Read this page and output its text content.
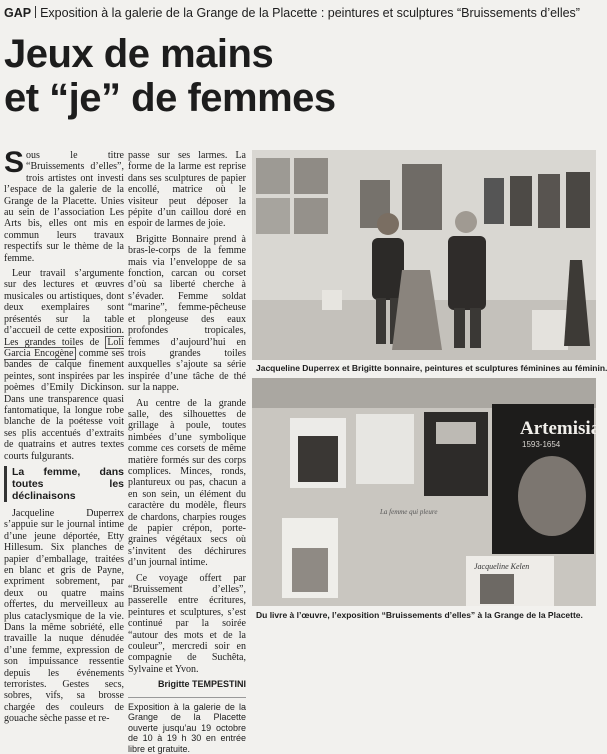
GAP Exposition à la galerie de la Grange de la Placette : peintures et sculptures “Bruissements d’elles”
Jeux de mains
et “je” de femmes

Sous le titre “Bruissements d’elles”, trois artistes ont investi l’espace de la galerie de la Grange de la Placette. Unies au sein de l’association Les Arts bis, elles ont mis en commun leurs travaux respectifs sur le thème de la femme.

Leur travail s’argumente sur des lectures et œuvres musicales ou artistiques, dont deux exemplaires sont présentés sur la table d’accueil de cette exposition. Les grandes toiles de Loli Garcia Encogène comme ses bandes de calque finement peintes, sont inspirées par les poèmes d’Emily Dickinson. Dans une transparence quasi fantomatique, la longue robe blanche de la poétesse voit ses plis accentués d’extraits de quatrains et autres textes courts fulgurants.

La femme, dans toutes les déclinaisons

Jacqueline Duperrex s’appuie sur le journal intime d’une jeune déportée, Etty Hillesum. Six planches de papier d’emballage, traitées en blanc et gris de Payne, expriment sobrement, par deux ou quatre mains offertes, du merveilleux au plus cataclysmique de la vie. Dans la même sobriété, elle travaille la nuque dénudée d’une femme, expression de son impuissance ressentie depuis les événements terroristes. Gestes secs, sobres, vifs, sa brosse chargée des couleurs de gouache sèche passe et re-

passe sur ses larmes. La forme de la larme est reprise dans ses sculptures de papier encollé, matrice où le visiteur peut déposer la pépite d’un caillou doré en espoir de larmes de joie.

Brigitte Bonnaire prend à bras-le-corps de la femme mais via l’enveloppe de sa fonction, carcan ou corset d’où sa liberté cherche à s’évader. Femme soldat “marine”, femme-pêcheuse et plongeuse des eaux profondes tropicales, femmes d’aujourd’hui en trois grandes toiles auxquelles s’ajoute sa série inspirée d’une tâche de thé sur la nappe.

Au centre de la grande salle, des silhouettes de grillage à poule, toutes nimbées d’une symbolique comme ces corsets de même matière formés sur des corps complices. Minces, ronds, plantureux ou pas, chacun a en son sein, un élément du caractère du modèle, fleurs de chardons, charpies rouges de papier crépon, porte-graines végétaux secs où s’invitent des déchirures d’un journal intime.

Ce voyage offert par “Bruissement d’elles”, passerelle entre écritures, peintures et sculptures, s’est continué par la soirée “autour des mots et de la couleur”, mercredi soir en compagnie de Suchêta, Sylvaine et Yvon.

Brigitte TEMPESTINI
Exposition à la galerie de la Grange de la Placette ouverte jusqu’au 19 octobre de 10 à 19 h 30 en entrée libre et gratuite.
Jacqueline Duperrex et Brigitte bonnaire, peintures et sculptures féminines au féminin.
Artemisia
1593-1654
Jacqueline Kelen
La femme qui pleure
Du livre à l’œuvre, l’exposition “Bruissements d’elles” à la Grange de la Placette.
